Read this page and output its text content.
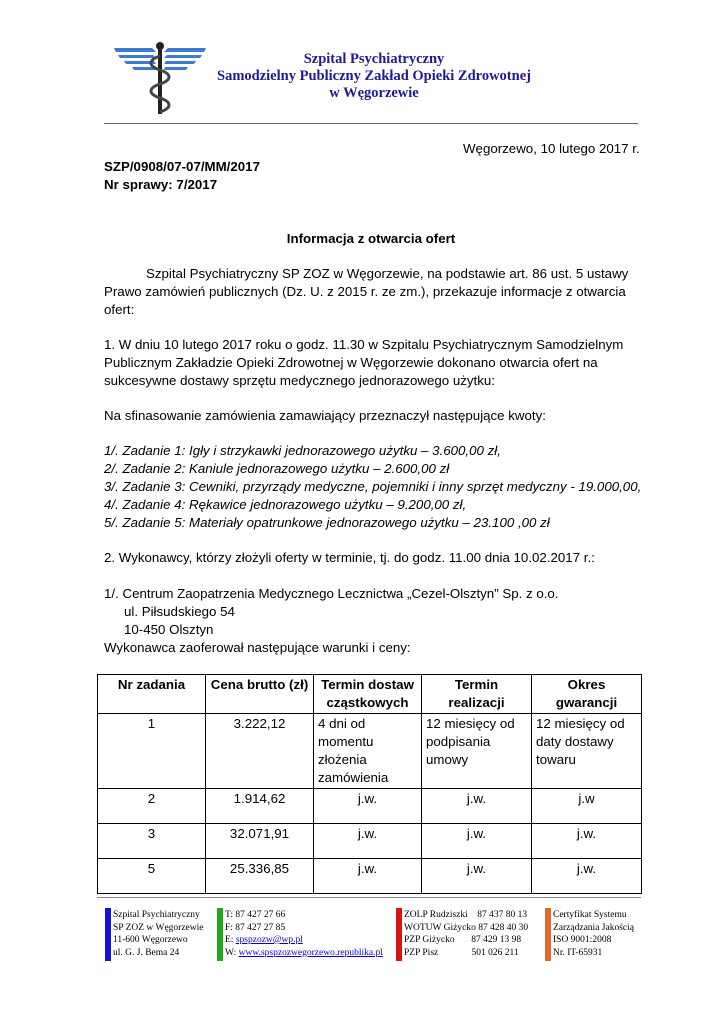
Szpital Psychiatryczny
Samodzielny Publiczny Zakład Opieki Zdrowotnej
w Węgorzewie
Węgorzewo, 10 lutego 2017 r.
SZP/0908/07-07/MM/2017
Nr sprawy: 7/2017
Informacja z otwarcia ofert
Szpital Psychiatryczny SP ZOZ w Węgorzewie, na podstawie art. 86 ust. 5 ustawy
Prawo zamówień publicznych (Dz. U. z 2015 r. ze zm.), przekazuje informacje z otwarcia
ofert:
1. W dniu 10 lutego 2017 roku o godz. 11.30 w Szpitalu Psychiatrycznym Samodzielnym
Publicznym Zakładzie Opieki Zdrowotnej w Węgorzewie dokonano otwarcia ofert na
sukcesywne dostawy sprzętu medycznego jednorazowego użytku:
Na sfinasowanie zamówienia zamawiający przeznaczył następujące kwoty:
1/. Zadanie 1: Igły i strzykawki jednorazowego użytku – 3.600,00 zł,
2/. Zadanie 2: Kaniule jednorazowego użytku – 2.600,00 zł
3/. Zadanie 3: Cewniki, przyrządy medyczne, pojemniki i inny sprzęt medyczny - 19.000,00,
4/. Zadanie 4: Rękawice jednorazowego użytku – 9.200,00 zł,
5/. Zadanie 5: Materiały opatrunkowe jednorazowego użytku – 23.100 ,00 zł
2. Wykonawcy, którzy złożyli oferty w terminie, tj. do godz. 11.00 dnia 10.02.2017 r.:
1/. Centrum Zaopatrzenia Medycznego Lecznictwa „Cezel-Olsztyn” Sp. z o.o.
ul. Piłsudskiego 54
10-450 Olsztyn
Wykonawca zaoferował następujące warunki i ceny:
Nr zadania	Cena brutto (zł)	Termin dostaw cząstkowych	Termin realizacji	Okres gwarancji
1	3.222,12	4 dni od momentu złożenia zamówienia	12 miesięcy od podpisania umowy	12 miesięcy od daty dostawy towaru
2	1.914,62	j.w.	j.w.	j.w
3	32.071,91	j.w.	j.w.	j.w.
5	25.336,85	j.w.	j.w.	j.w.
Szpital Psychiatryczny
SP ZOZ w Węgorzewie
11-600 Węgorzewo
ul. G. J. Bema 24
T: 87 427 27 66
F: 87 427 27 85
E: spspzozw@wp.pl
W: www.spspzozwegorzewo.republika.pl
ZOLP Rudziszki    87 437 80 13
WOTUW Giżycko 87 428 40 30
PZP Giżycko       87 429 13 98
PZP Pisz              501 026 211
Certyfikat Systemu
Zarządzania Jakością
ISO 9001:2008
Nr. IT-65931
